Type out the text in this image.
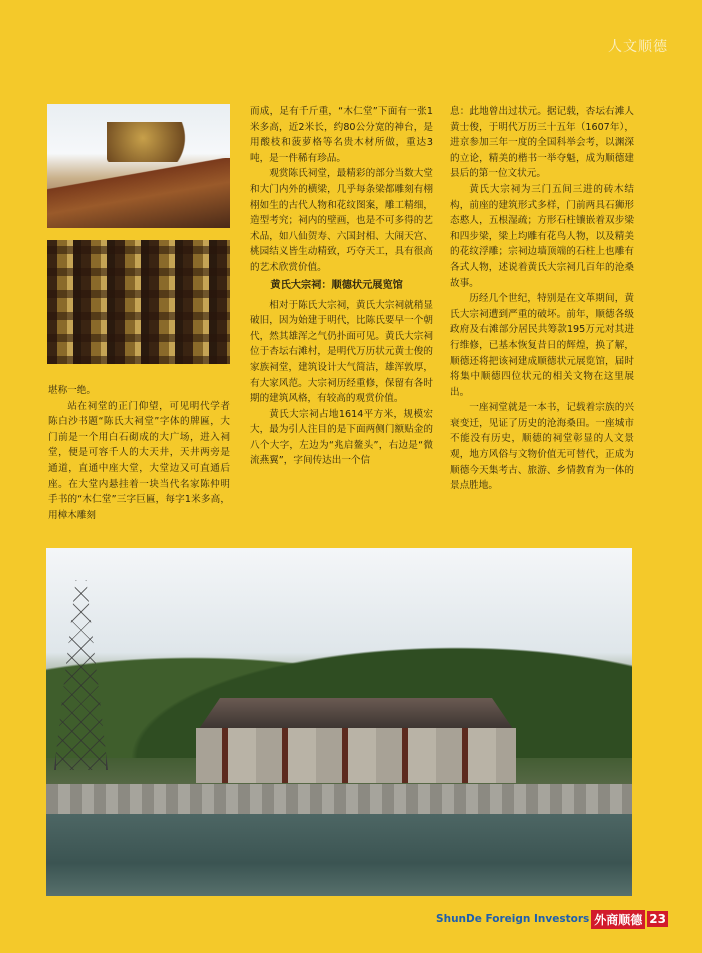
人文顺德

堪称一绝。

站在祠堂的正门仰望，可见明代学者陈白沙书题“陈氏大祠堂”字体的牌匾，大门前是一个用白石砌成的大广场，进入祠堂，便是可容千人的大天井，天井两旁是通道，直通中座大堂，大堂边又可直通后座。在大堂内悬挂着一块当代名家陈仲明手书的“木仁堂”三字巨匾，每字1米多高，用樟木雕刻

而成，足有千斤重，“木仁堂”下面有一张1米多高，近2米长，约80公分宽的神台，是用酸枝和菠萝格等名贵木材所做，重达3吨，是一件稀有珍品。

观赏陈氏祠堂，最精彩的部分当数大堂和大门内外的横梁，几乎每条梁都雕刻有栩栩如生的古代人物和花纹图案，雕工精细，造型考究；祠内的壁画，也是不可多得的艺术品，如八仙贺寿、六国封相、大闹天宫、桃园结义皆生动精致，巧夺天工，具有很高的艺术欣赏价值。

黄氏大宗祠：顺德状元展览馆

相对于陈氏大宗祠，黄氏大宗祠就稍显破旧，因为始建于明代，比陈氏要早一个朝代，然其雄浑之气仍扑面可见。黄氏大宗祠位于杏坛右滩村，是明代万历状元黄士俊的家族祠堂，建筑设计大气简洁，雄浑敦厚，有大家风范。大宗祠历经重修，保留有各时期的建筑风格，有较高的观赏价值。

黄氏大宗祠占地1614平方米，规模宏大，最为引人注目的是下面两侧门额贴金的八个大字，左边为“兆启鳌头”，右边是“微流燕翼”，字间传达出一个信

息：此地曾出过状元。据记载，杏坛右滩人黄士俊，于明代万历三十五年（1607年），进京参加三年一度的全国科举会考，以渊深的立论，精美的楷书一举夺魁，成为顺德建县后的第一位文状元。

黄氏大宗祠为三门五间三进的砖木结构，前座的建筑形式多样，门前两具石狮形态憨人，五根湿疏；方形石柱镶嵌着双步梁和四步梁，梁上均雕有花鸟人物，以及精美的花纹浮雕；宗祠边墙顶端的石柱上也雕有各式人物，述说着黄氏大宗祠几百年的沧桑故事。

历经几个世纪，特别是在文革期间，黄氏大宗祠遭到严重的破坏。前年，顺德各级政府及右滩部分居民共筹款195万元对其进行维修，已基本恢复昔日的辉煌，换了解，顺德还将把该祠建成顺德状元展览馆，届时将集中顺德四位状元的相关文物在这里展出。

一座祠堂就是一本书，记载着宗族的兴衰变迁，见证了历史的沧海桑田。一座城市不能没有历史，顺德的祠堂彰显的人文景观，地方风俗与文物价值无可替代，正成为顺德今天集考古、旅游、乡情教育为一体的景点胜地。

ShunDe Foreign Investors 外商顺德 23
